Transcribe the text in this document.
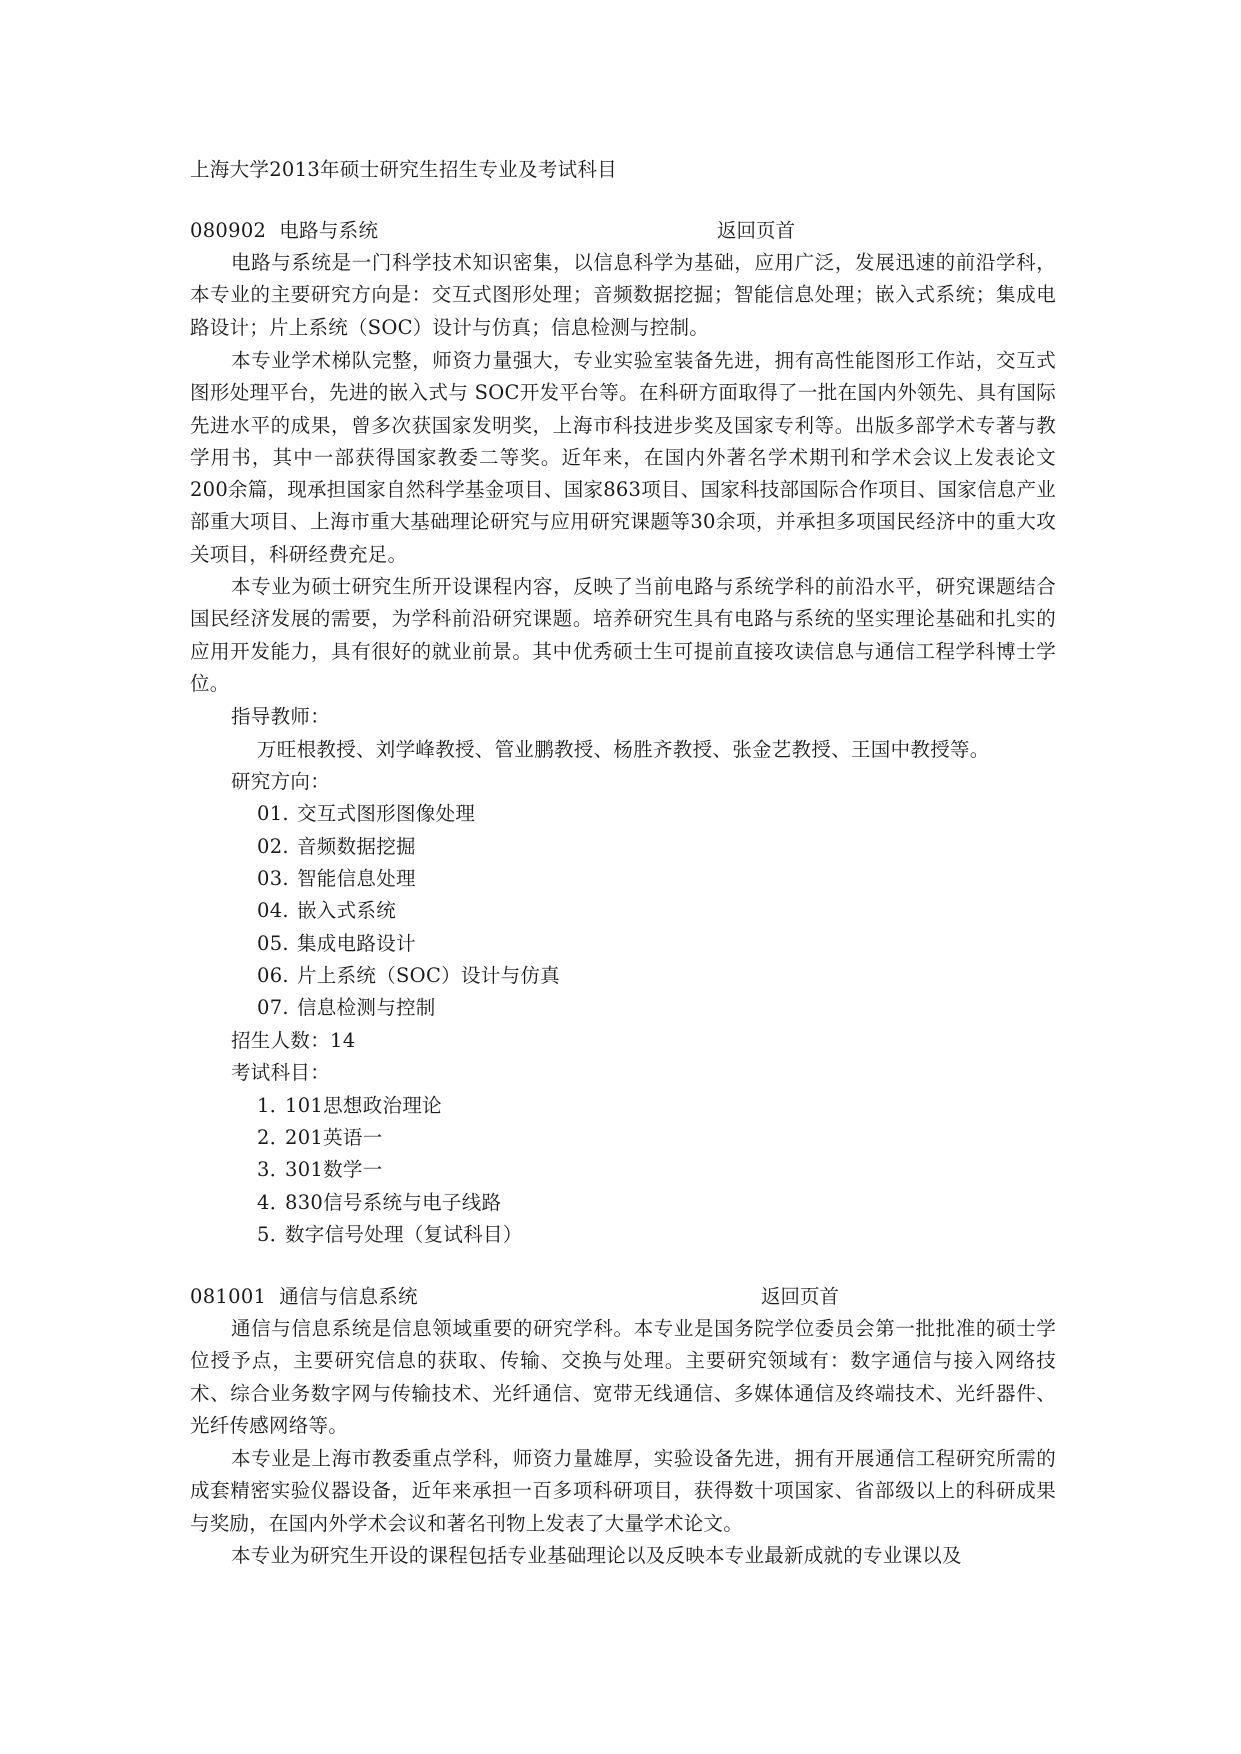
上海大学2013年硕士研究生招生专业及考试科目
080902 电路与系统	返回页首
电路与系统是一门科学技术知识密集，以信息科学为基础，应用广泛，发展迅速的前沿学科，本专业的主要研究方向是：交互式图形处理；音频数据挖掘；智能信息处理；嵌入式系统；集成电路设计；片上系统（SOC）设计与仿真；信息检测与控制。
本专业学术梯队完整，师资力量强大，专业实验室装备先进，拥有高性能图形工作站，交互式图形处理平台，先进的嵌入式与 SOC开发平台等。在科研方面取得了一批在国内外领先、具有国际先进水平的成果，曾多次获国家发明奖，上海市科技进步奖及国家专利等。出版多部学术专著与教学用书，其中一部获得国家教委二等奖。近年来，在国内外著名学术期刊和学术会议上发表论文200余篇，现承担国家自然科学基金项目、国家863项目、国家科技部国际合作项目、国家信息产业部重大项目、上海市重大基础理论研究与应用研究课题等30余项，并承担多项国民经济中的重大攻关项目，科研经费充足。
本专业为硕士研究生所开设课程内容，反映了当前电路与系统学科的前沿水平，研究课题结合国民经济发展的需要，为学科前沿研究课题。培养研究生具有电路与系统的坚实理论基础和扎实的应用开发能力，具有很好的就业前景。其中优秀硕士生可提前直接攻读信息与通信工程学科博士学位。
指导教师：
万旺根教授、刘学峰教授、管业鹏教授、杨胜齐教授、张金艺教授、王国中教授等。
研究方向：
01. 交互式图形图像处理
02. 音频数据挖掘
03. 智能信息处理
04. 嵌入式系统
05. 集成电路设计
06. 片上系统（SOC）设计与仿真
07. 信息检测与控制
招生人数：14
考试科目：
1．101思想政治理论
2．201英语一
3．301数学一
4．830信号系统与电子线路
5．数字信号处理（复试科目）
081001 通信与信息系统	返回页首
通信与信息系统是信息领域重要的研究学科。本专业是国务院学位委员会第一批批准的硕士学位授予点，主要研究信息的获取、传输、交换与处理。主要研究领域有：数字通信与接入网络技术、综合业务数字网与传输技术、光纤通信、宽带无线通信、多媒体通信及终端技术、光纤器件、光纤传感网络等。
本专业是上海市教委重点学科，师资力量雄厚，实验设备先进，拥有开展通信工程研究所需的成套精密实验仪器设备，近年来承担一百多项科研项目，获得数十项国家、省部级以上的科研成果与奖励，在国内外学术会议和著名刊物上发表了大量学术论文。
本专业为研究生开设的课程包括专业基础理论以及反映本专业最新成就的专业课以及
